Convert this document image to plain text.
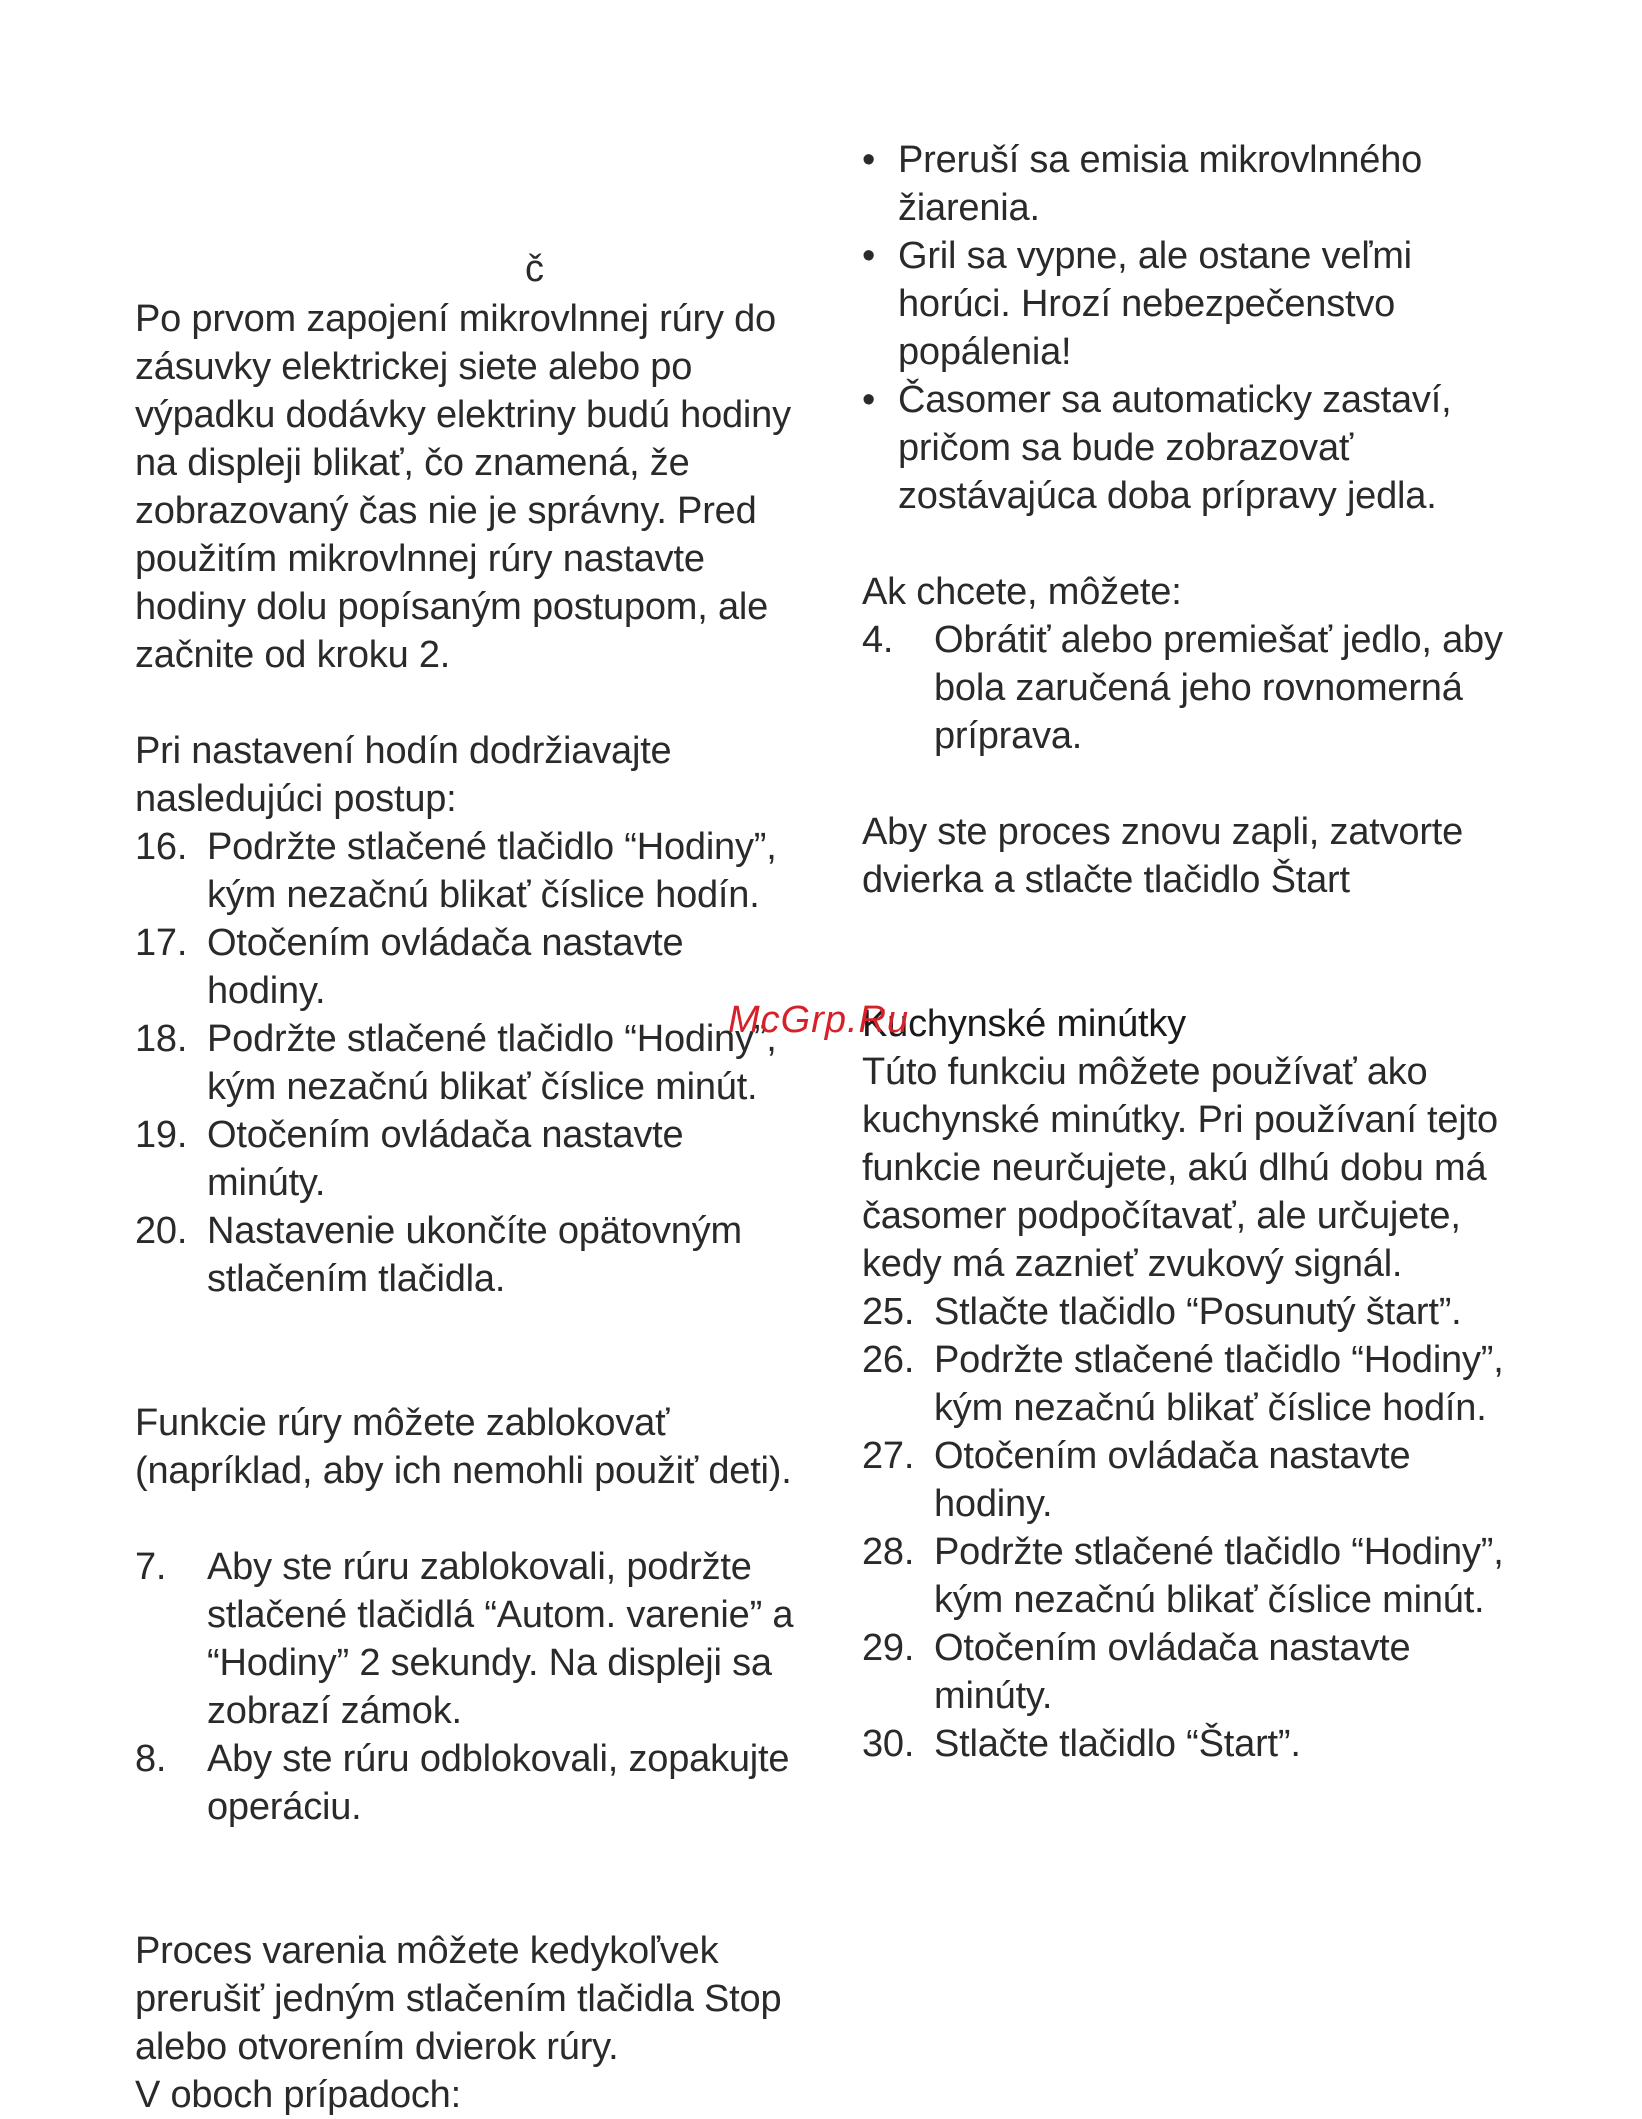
č

Po prvom zapojení mikrovlnnej rúry do
zásuvky elektrickej siete alebo po
výpadku dodávky elektriny budú hodiny
na displeji blikať, čo znamená, že
zobrazovaný čas nie je správny. Pred
použitím mikrovlnnej rúry nastavte
hodiny dolu popísaným postupom, ale
začnite od kroku 2.

Pri nastavení hodín dodržiavajte
nasledujúci postup:

16. Podržte stlačené tlačidlo “Hodiny”,
kým nezačnú blikať číslice hodín.
17. Otočením ovládača nastavte
hodiny.
18. Podržte stlačené tlačidlo “Hodiny”,
kým nezačnú blikať číslice minút.
19. Otočením ovládača nastavte
minúty.
20. Nastavenie ukončíte opätovným
stlačením tlačidla.

Funkcie rúry môžete zablokovať
(napríklad, aby ich nemohli použiť deti).

7.	Aby ste rúru zablokovali, podržte
stlačené tlačidlá “Autom. varenie” a
“Hodiny” 2 sekundy. Na displeji sa
zobrazí zámok.
8.	Aby ste rúru odblokovali, zopakujte
operáciu.

Proces varenia môžete kedykoľvek
prerušiť jedným stlačením tlačidla Stop
alebo otvorením dvierok rúry.
V oboch prípadoch:

• Preruší sa emisia mikrovlnného
žiarenia.
• Gril sa vypne, ale ostane veľmi
horúci. Hrozí nebezpečenstvo
popálenia!
• Časomer sa automaticky zastaví,
pričom sa bude zobrazovať
zostávajúca doba prípravy jedla.

Ak chcete, môžete:

4.	Obrátiť alebo premiešať jedlo, aby
bola zaručená jeho rovnomerná
príprava.

Aby ste proces znovu zapli, zatvorte
dvierka a stlačte tlačidlo Štart

Kuchynské minútky

Túto funkciu môžete používať ako
kuchynské minútky. Pri používaní tejto
funkcie neurčujete, akú dlhú dobu má
časomer podpočítavať, ale určujete,
kedy má zaznieť zvukový signál.

25. Stlačte tlačidlo “Posunutý štart”.
26. Podržte stlačené tlačidlo “Hodiny”,
kým nezačnú blikať číslice hodín.
27. Otočením ovládača nastavte
hodiny.
28. Podržte stlačené tlačidlo “Hodiny”,
kým nezačnú blikať číslice minút.
29. Otočením ovládača nastavte
minúty.
30. Stlačte tlačidlo “Štart”.
McGrp.Ru
